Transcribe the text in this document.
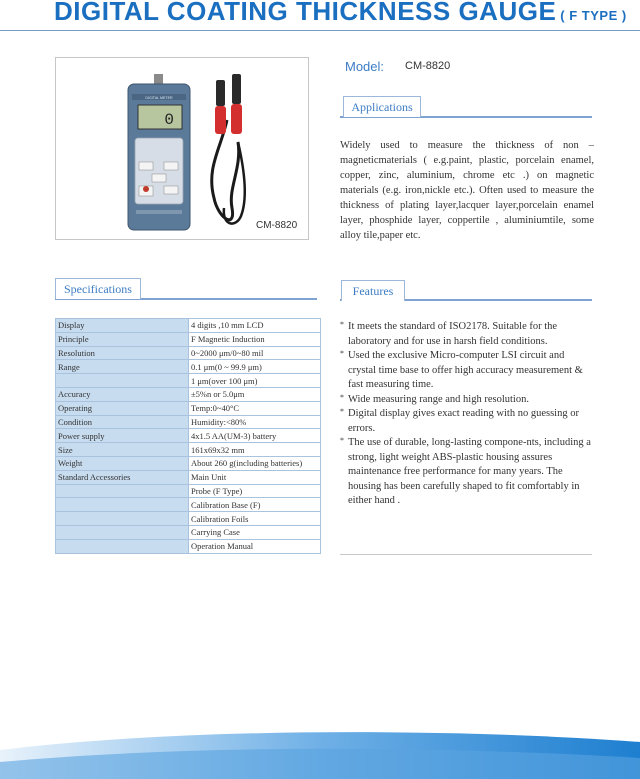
DIGITAL COATING THICKNESS GAUGE ( F TYPE )
DIGITAL METER
0
CM-8820
Model: CM-8820
Applications
Widely used to measure the thickness of non – magneticmaterials ( e.g.paint, plastic, porcelain enamel, copper, zinc, aluminium, chrome etc .) on magnetic materials (e.g. iron,nickle etc.). Often used to measure the thickness of plating layer,lacquer layer,porcelain enamel layer, phosphide layer, coppertile , aluminiumtile, some alloy tile,paper etc.
Specifications
Display	4 digits ,10 mm LCD
Principle	F Magnetic Induction
Resolution	0~2000 μm/0~80 mil
Range	0.1 μm(0 ~ 99.9 μm)
	1 μm(over 100 μm)
Accuracy	±5%n or 5.0μm
Operating	Temp:0~40°C
Condition	Humidity:<80%
Power supply	4x1.5 AA(UM-3) battery
Size	161x69x32 mm
Weight	About 260 g(including batteries)
Standard Accessories	Main Unit
	Probe (F Type)
	Calibration Base (F)
	Calibration Foils
	Carrying Case
	Operation Manual
Features
* It meets the standard of ISO2178. Suitable for the laboratory and for use in harsh field conditions.
* Used the exclusive Micro-computer LSI circuit and crystal time base to offer high accuracy measurement & fast measuring time.
* Wide measuring range and high resolution.
* Digital display gives exact reading with no guessing or errors.
* The use of durable, long-lasting compone-nts, including a strong, light weight ABS-plastic housing assures maintenance free performance for many years. The housing has been carefully shaped to fit comfortably in either hand .
